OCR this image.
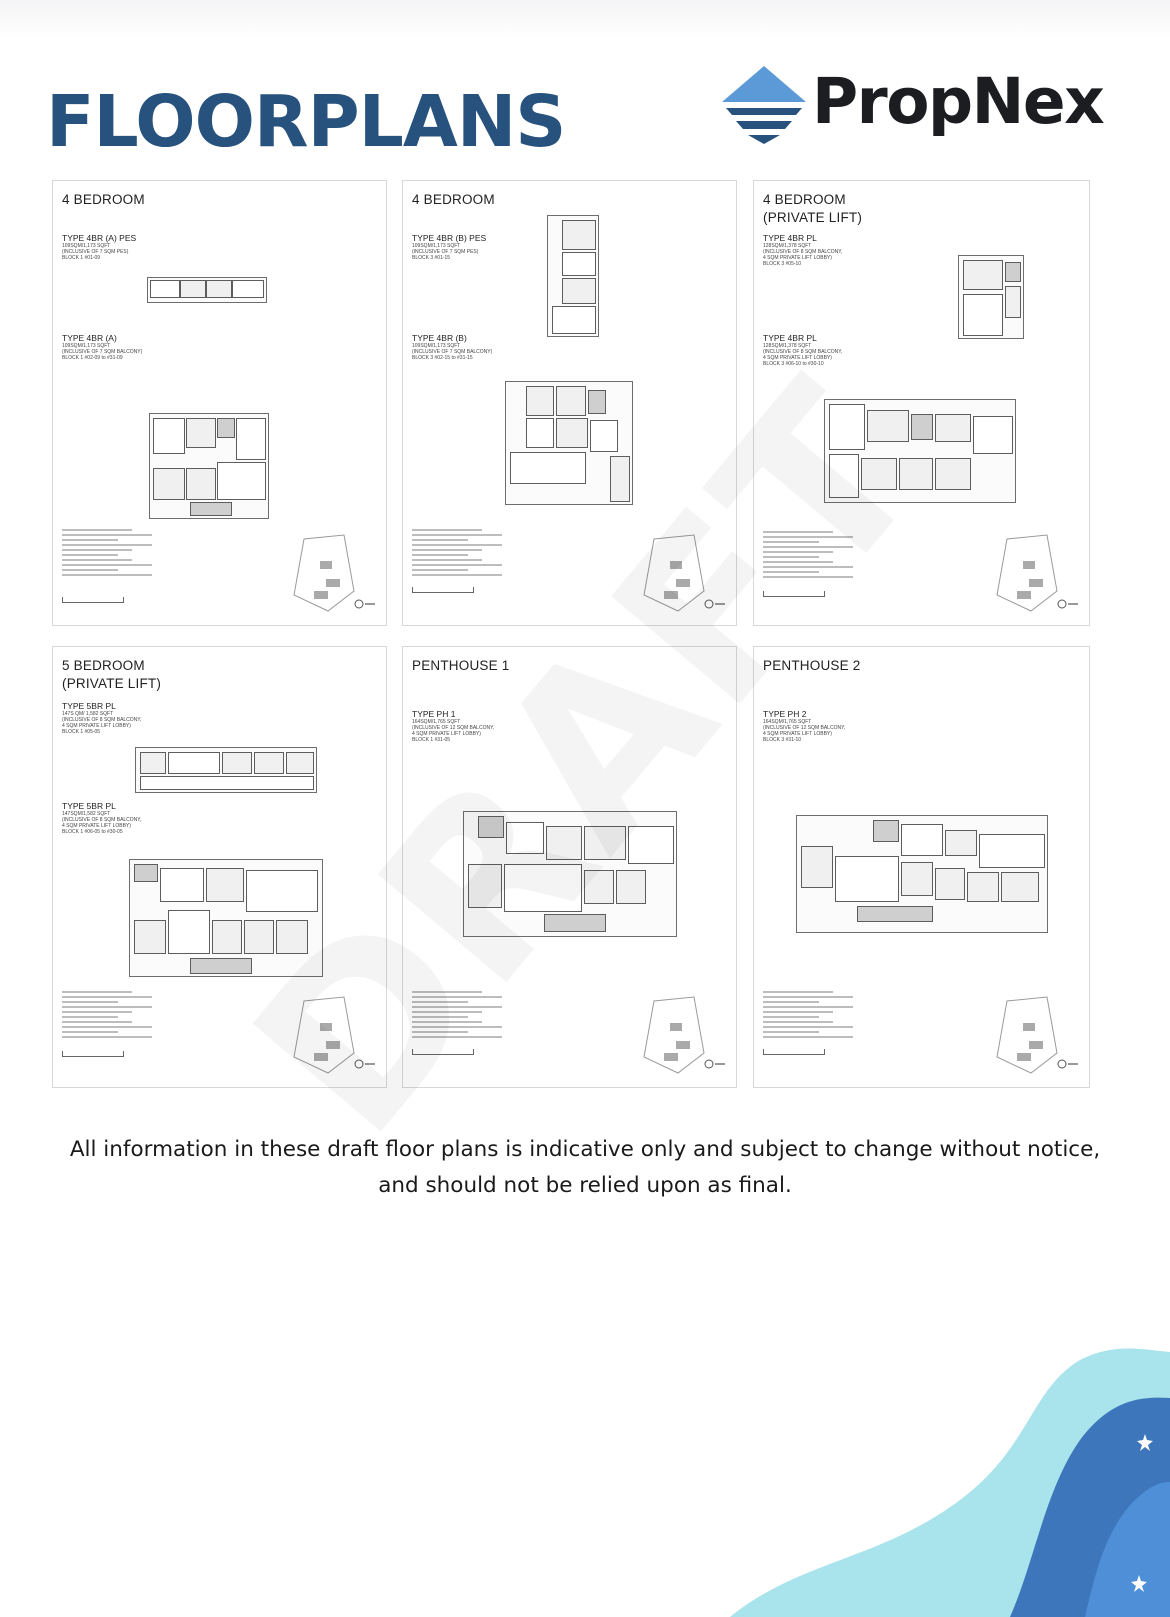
FLOORPLANS	PropNex
4 BEDROOM
TYPE 4BR (A) PES
109SQM/1,173 SQFT
(INCLUSIVE OF 7 SQM PES)
BLOCK 1 #01-09
TYPE 4BR (A)
109SQM/1,173 SQFT
(INCLUSIVE OF 7 SQM BALCONY)
BLOCK 1 #02-09 to #31-09
4 BEDROOM
TYPE 4BR (B) PES
109SQM/1,173 SQFT
(INCLUSIVE OF 7 SQM PES)
BLOCK 3 #01-15
TYPE 4BR (B)
109SQM/1,173 SQFT
(INCLUSIVE OF 7 SQM BALCONY)
BLOCK 3 #02-15 to #31-15
4 BEDROOM
(PRIVATE LIFT)
TYPE 4BR PL
128SQM/1,378 SQFT
(INCLUSIVE OF 8 SQM BALCONY,
4 SQM PRIVATE LIFT LOBBY)
BLOCK 3 #05-10
TYPE 4BR PL
128SQM/1,378 SQFT
(INCLUSIVE OF 8 SQM BALCONY,
4 SQM PRIVATE LIFT LOBBY)
BLOCK 3 #06-10 to #30-10
5 BEDROOM
(PRIVATE LIFT)
TYPE 5BR PL
147S QM/ 1,582 SQFT
(INCLUSIVE OF 8 SQM BALCONY,
4 SQM PRIVATE LIFT LOBBY)
BLOCK 1 #05-05
TYPE 5BR PL
147SQM/1,582 SQFT
(INCLUSIVE OF 8 SQM BALCONY,
4 SQM PRIVATE LIFT LOBBY)
BLOCK 1 #06-05 to #30-05
PENTHOUSE 1
TYPE PH 1
164SQM/1,765 SQFT
(INCLUSIVE OF 12 SQM BALCONY,
4 SQM PRIVATE LIFT LOBBY)
BLOCK 1 #31-05
PENTHOUSE 2
TYPE PH 2
164SQM/1,765 SQFT
(INCLUSIVE OF 12 SQM BALCONY,
4 SQM PRIVATE LIFT LOBBY)
BLOCK 3 #31-10

All information in these draft floor plans is indicative only and subject to change without notice, and should not be relied upon as final.
